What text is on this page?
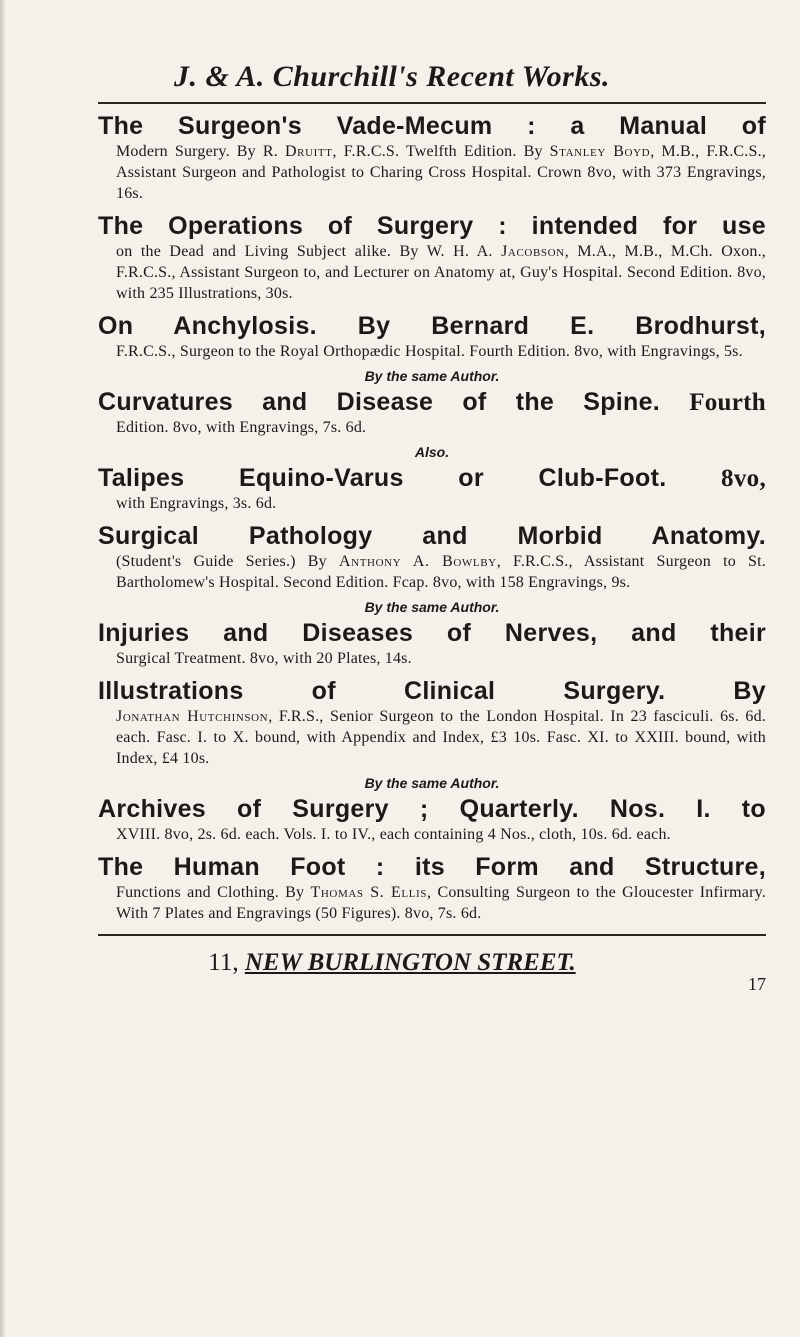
J. & A. Churchill's Recent Works.
The Surgeon's Vade-Mecum : a Manual of
Modern Surgery. By R. Druitt, F.R.C.S. Twelfth Edition. By Stanley Boyd, M.B., F.R.C.S., Assistant Surgeon and Pathologist to Charing Cross Hospital. Crown 8vo, with 373 Engravings, 16s.
The Operations of Surgery : intended for use
on the Dead and Living Subject alike. By W. H. A. Jacobson, M.A., M.B., M.Ch. Oxon., F.R.C.S., Assistant Surgeon to, and Lecturer on Anatomy at, Guy's Hospital. Second Edition. 8vo, with 235 Illustrations, 30s.
On Anchylosis. By Bernard E. Brodhurst,
F.R.C.S., Surgeon to the Royal Orthopædic Hospital. Fourth Edition. 8vo, with Engravings, 5s.
By the same Author.
Curvatures and Disease of the Spine. Fourth
Edition. 8vo, with Engravings, 7s. 6d.
Also.
Talipes Equino-Varus or Club-Foot. 8vo,
with Engravings, 3s. 6d.
Surgical Pathology and Morbid Anatomy.
(Student's Guide Series.) By Anthony A. Bowlby, F.R.C.S., Assistant Surgeon to St. Bartholomew's Hospital. Second Edition. Fcap. 8vo, with 158 Engravings, 9s.
By the same Author.
Injuries and Diseases of Nerves, and their
Surgical Treatment. 8vo, with 20 Plates, 14s.
Illustrations of Clinical Surgery. By
Jonathan Hutchinson, F.R.S., Senior Surgeon to the London Hospital. In 23 fasciculi. 6s. 6d. each. Fasc. I. to X. bound, with Appendix and Index, £3 10s. Fasc. XI. to XXIII. bound, with Index, £4 10s.
By the same Author.
Archives of Surgery ; Quarterly. Nos. I. to
XVIII. 8vo, 2s. 6d. each. Vols. I. to IV., each containing 4 Nos., cloth, 10s. 6d. each.
The Human Foot : its Form and Structure,
Functions and Clothing. By Thomas S. Ellis, Consulting Surgeon to the Gloucester Infirmary. With 7 Plates and Engravings (50 Figures). 8vo, 7s. 6d.
11, NEW BURLINGTON STREET.
17
